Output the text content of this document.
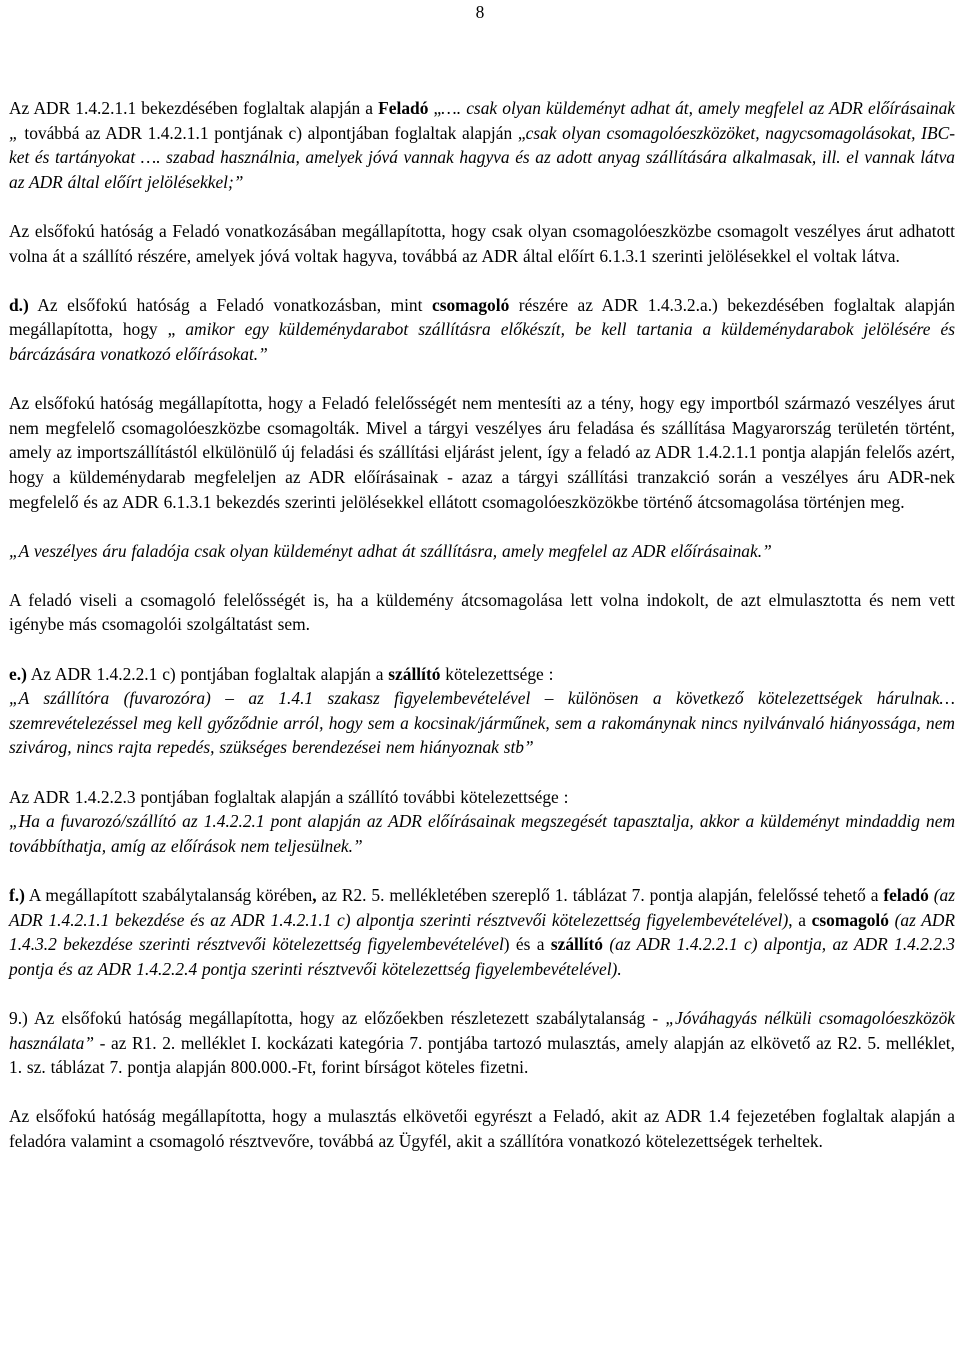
8

Az ADR 1.4.2.1.1 bekezdésében foglaltak alapján a Feladó „…. csak olyan küldeményt adhat át, amely megfelel az ADR előírásainak „ továbbá az ADR 1.4.2.1.1 pontjának c) alpontjában foglaltak alapján „csak olyan csomagolóeszközöket, nagycsomagolásokat, IBC-ket és tartányokat …. szabad használnia, amelyek jóvá vannak hagyva és az adott anyag szállítására alkalmasak, ill. el vannak látva az ADR által előírt jelölésekkel;”

Az elsőfokú hatóság a Feladó vonatkozásában megállapította, hogy csak olyan csomagolóeszközbe csomagolt veszélyes árut adhatott volna át a szállító részére, amelyek jóvá voltak hagyva, továbbá az ADR által előírt 6.1.3.1 szerinti jelölésekkel el voltak látva.

d.) Az elsőfokú hatóság a Feladó vonatkozásban, mint csomagoló részére az ADR 1.4.3.2.a.) bekezdésében foglaltak alapján megállapította, hogy „ amikor egy küldeménydarabot szállításra előkészít, be kell tartania a küldeménydarabok jelölésére és bárcázására vonatkozó előírásokat.”

Az elsőfokú hatóság megállapította, hogy a Feladó felelősségét nem mentesíti az a tény, hogy egy importból származó veszélyes árut nem megfelelő csomagolóeszközbe csomagolták. Mivel a tárgyi veszélyes áru feladása és szállítása Magyarország területén történt, amely az importszállítástól elkülönülő új feladási és szállítási eljárást jelent, így a feladó az ADR 1.4.2.1.1 pontja alapján felelős azért, hogy a küldeménydarab megfeleljen az ADR előírásainak - azaz a tárgyi szállítási tranzakció során a veszélyes áru ADR-nek megfelelő és az ADR 6.1.3.1 bekezdés szerinti jelölésekkel ellátott csomagolóeszközökbe történő átcsomagolása történjen meg.

„A veszélyes áru faladója csak olyan küldeményt adhat át szállításra, amely megfelel az ADR előírásainak.”

A feladó viseli a csomagoló felelősségét is, ha a küldemény átcsomagolása lett volna indokolt, de azt elmulasztotta és nem vett igénybe más csomagolói szolgáltatást sem.

e.) Az ADR 1.4.2.2.1 c) pontjában foglaltak alapján a szállító kötelezettsége :

„A szállítóra (fuvarozóra) – az 1.4.1 szakasz figyelembevételével – különösen a következő kötelezettségek hárulnak… szemrevételezéssel meg kell győződnie arról, hogy sem a kocsinak/járműnek, sem a rakománynak nincs nyilvánvaló hiányossága, nem szivárog, nincs rajta repedés, szükséges berendezései nem hiányoznak stb”

Az ADR 1.4.2.2.3 pontjában foglaltak alapján a szállító további kötelezettsége :

„Ha a fuvarozó/szállító az 1.4.2.2.1 pont alapján az ADR előírásainak megszegését tapasztalja, akkor a küldeményt mindaddig nem továbbíthatja, amíg az előírások nem teljesülnek.”

f.) A megállapított szabálytalanság körében, az R2. 5. mellékletében szereplő 1. táblázat 7. pontja alapján, felelőssé tehető a feladó (az ADR 1.4.2.1.1 bekezdése és az ADR 1.4.2.1.1 c) alpontja szerinti résztvevői kötelezettség figyelembevételével), a csomagoló (az ADR 1.4.3.2 bekezdése szerinti résztvevői kötelezettség figyelembevételével) és a szállító (az ADR 1.4.2.2.1 c) alpontja, az ADR 1.4.2.2.3 pontja és az ADR 1.4.2.2.4 pontja szerinti résztvevői kötelezettség figyelembevételével).

9.) Az elsőfokú hatóság megállapította, hogy az előzőekben részletezett szabálytalanság - „Jóváhagyás nélküli csomagolóeszközök használata” - az R1. 2. melléklet I. kockázati kategória 7. pontjába tartozó mulasztás, amely alapján az elkövető az R2. 5. melléklet, 1. sz. táblázat 7. pontja alapján 800.000.-Ft, forint bírságot köteles fizetni.

Az elsőfokú hatóság megállapította, hogy a mulasztás elkövetői egyrészt a Feladó, akit az ADR 1.4 fejezetében foglaltak alapján a feladóra valamint a csomagoló résztvevőre, továbbá az Ügyfél, akit a szállítóra vonatkozó kötelezettségek terheltek.
